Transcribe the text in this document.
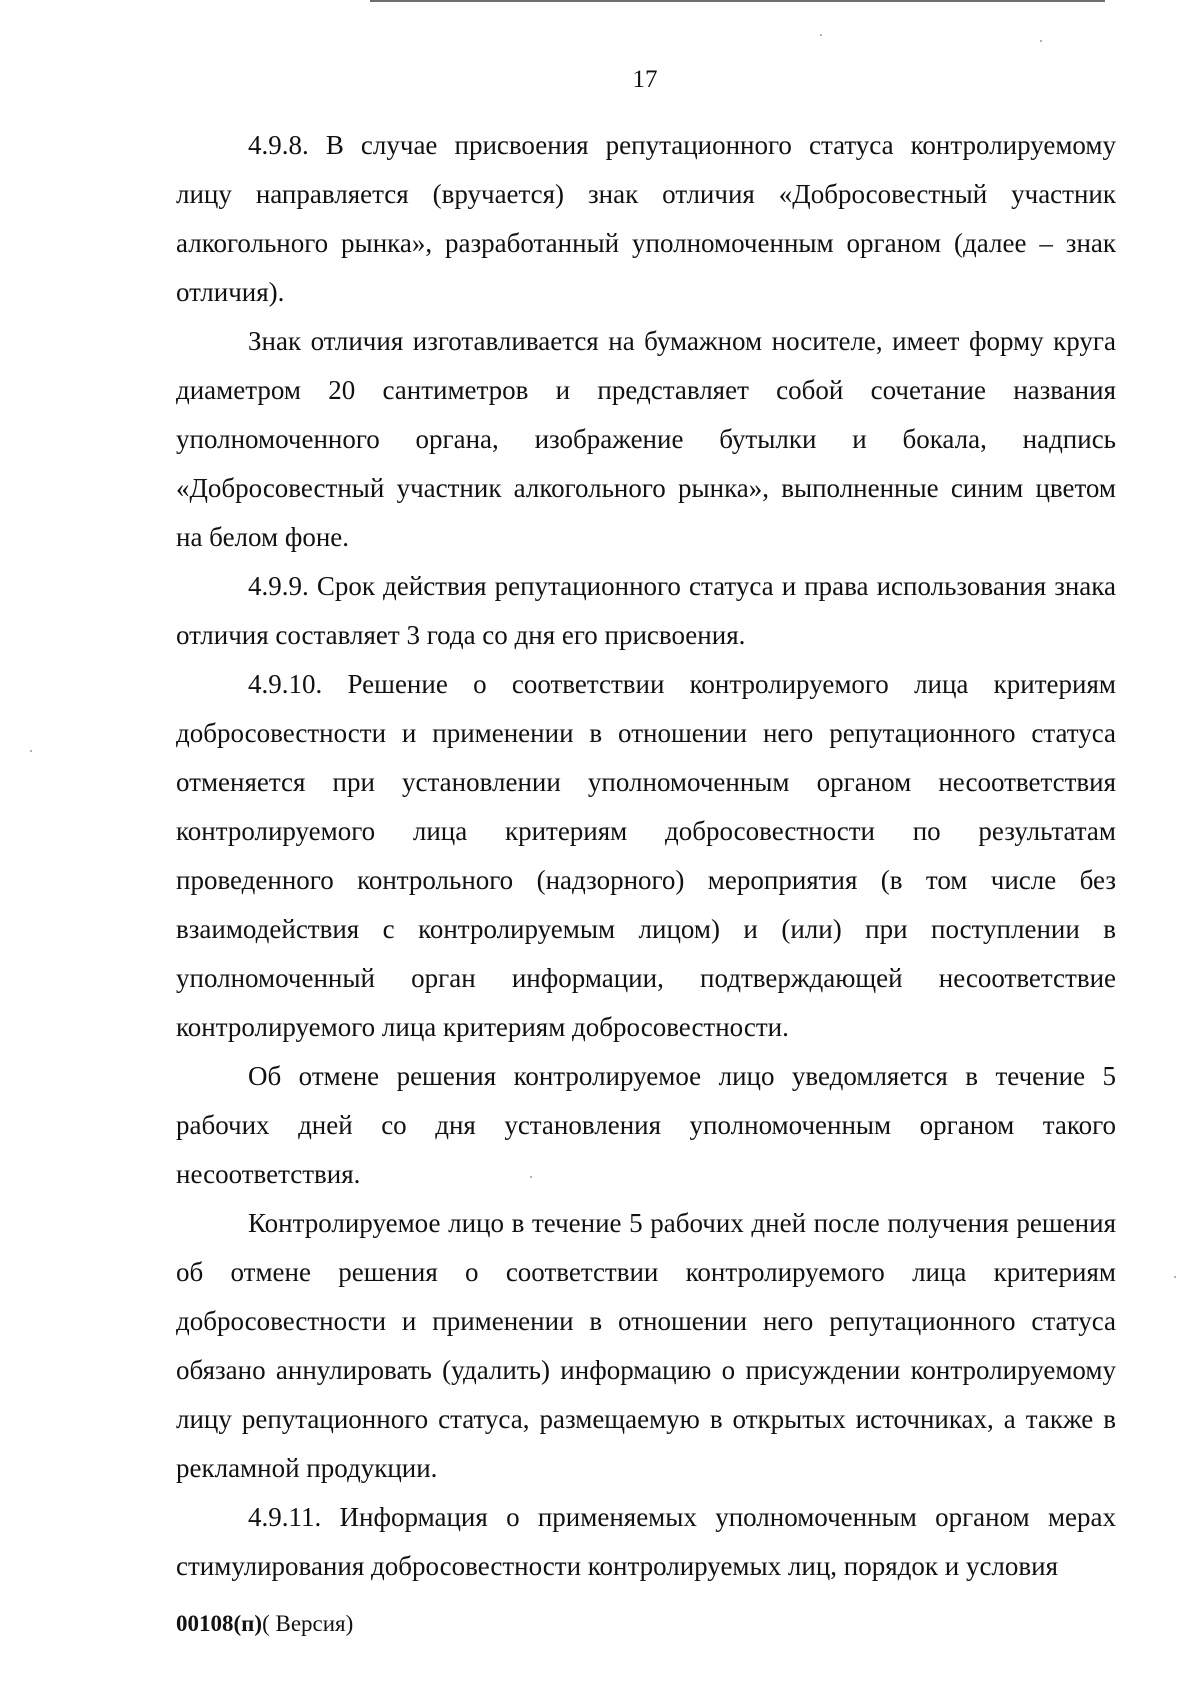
17

4.9.8. В случае присвоения репутационного статуса контролируемому лицу направляется (вручается) знак отличия «Добросовестный участник алкогольного рынка», разработанный уполномоченным органом (далее – знак отличия).

Знак отличия изготавливается на бумажном носителе, имеет форму круга диаметром 20 сантиметров и представляет собой сочетание названия уполномоченного органа, изображение бутылки и бокала, надпись «Добросовестный участник алкогольного рынка», выполненные синим цветом на белом фоне.

4.9.9. Срок действия репутационного статуса и права использования знака отличия составляет 3 года со дня его присвоения.

4.9.10. Решение о соответствии контролируемого лица критериям добросовестности и применении в отношении него репутационного статуса отменяется при установлении уполномоченным органом несоответствия контролируемого лица критериям добросовестности по результатам проведенного контрольного (надзорного) мероприятия (в том числе без взаимодействия с контролируемым лицом) и (или) при поступлении в уполномоченный орган информации, подтверждающей несоответствие контролируемого лица критериям добросовестности.

Об отмене решения контролируемое лицо уведомляется в течение 5 рабочих дней со дня установления уполномоченным органом такого несоответствия.

Контролируемое лицо в течение 5 рабочих дней после получения решения об отмене решения о соответствии контролируемого лица критериям добросовестности и применении в отношении него репутационного статуса обязано аннулировать (удалить) информацию о присуждении контролируемому лицу репутационного статуса, размещаемую в открытых источниках, а также в рекламной продукции.

4.9.11. Информация о применяемых уполномоченным органом мерах стимулирования добросовестности контролируемых лиц, порядок и условия

00108(п)( Версия)
